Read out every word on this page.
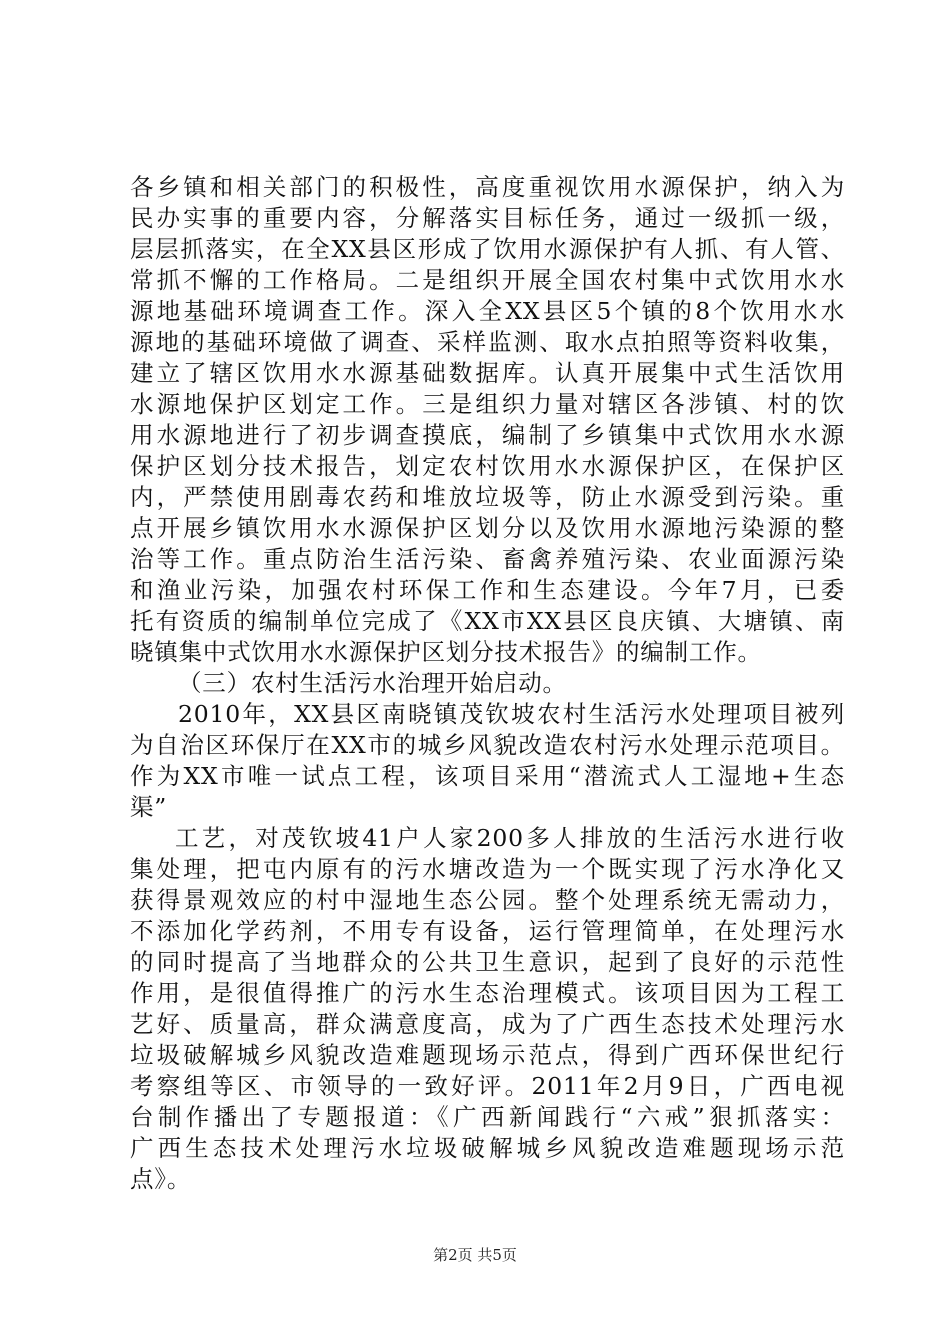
各乡镇和相关部门的积极性，高度重视饮用水源保护，纳入为
民办实事的重要内容，分解落实目标任务，通过一级抓一级，
层层抓落实，在全XX县区形成了饮用水源保护有人抓、有人管、
常抓不懈的工作格局。二是组织开展全国农村集中式饮用水水
源地基础环境调查工作。深入全XX县区5个镇的8个饮用水水
源地的基础环境做了调查、采样监测、取水点拍照等资料收集，
建立了辖区饮用水水源基础数据库。认真开展集中式生活饮用
水源地保护区划定工作。三是组织力量对辖区各涉镇、村的饮
用水源地进行了初步调查摸底，编制了乡镇集中式饮用水水源
保护区划分技术报告，划定农村饮用水水源保护区，在保护区
内，严禁使用剧毒农药和堆放垃圾等，防止水源受到污染。重
点开展乡镇饮用水水源保护区划分以及饮用水源地污染源的整
治等工作。重点防治生活污染、畜禽养殖污染、农业面源污染
和渔业污染，加强农村环保工作和生态建设。今年7月，已委
托有资质的编制单位完成了《XX市XX县区良庆镇、大塘镇、南
晓镇集中式饮用水水源保护区划分技术报告》的编制工作。
（三）农村生活污水治理开始启动。
2010年，XX县区南晓镇茂钦坡农村生活污水处理项目被列
为自治区环保厅在XX市的城乡风貌改造农村污水处理示范项目。
作为XX市唯一试点工程，该项目采用“潜流式人工湿地+生态
渠”
工艺，对茂钦坡41户人家200多人排放的生活污水进行收
集处理，把屯内原有的污水塘改造为一个既实现了污水净化又
获得景观效应的村中湿地生态公园。整个处理系统无需动力，
不添加化学药剂，不用专有设备，运行管理简单，在处理污水
的同时提高了当地群众的公共卫生意识，起到了良好的示范性
作用，是很值得推广的污水生态治理模式。该项目因为工程工
艺好、质量高，群众满意度高，成为了广西生态技术处理污水
垃圾破解城乡风貌改造难题现场示范点，得到广西环保世纪行
考察组等区、市领导的一致好评。2011年2月9日，广西电视
台制作播出了专题报道：《广西新闻践行“六戒”狠抓落实：
广西生态技术处理污水垃圾破解城乡风貌改造难题现场示范
点》。
第2页 共5页
